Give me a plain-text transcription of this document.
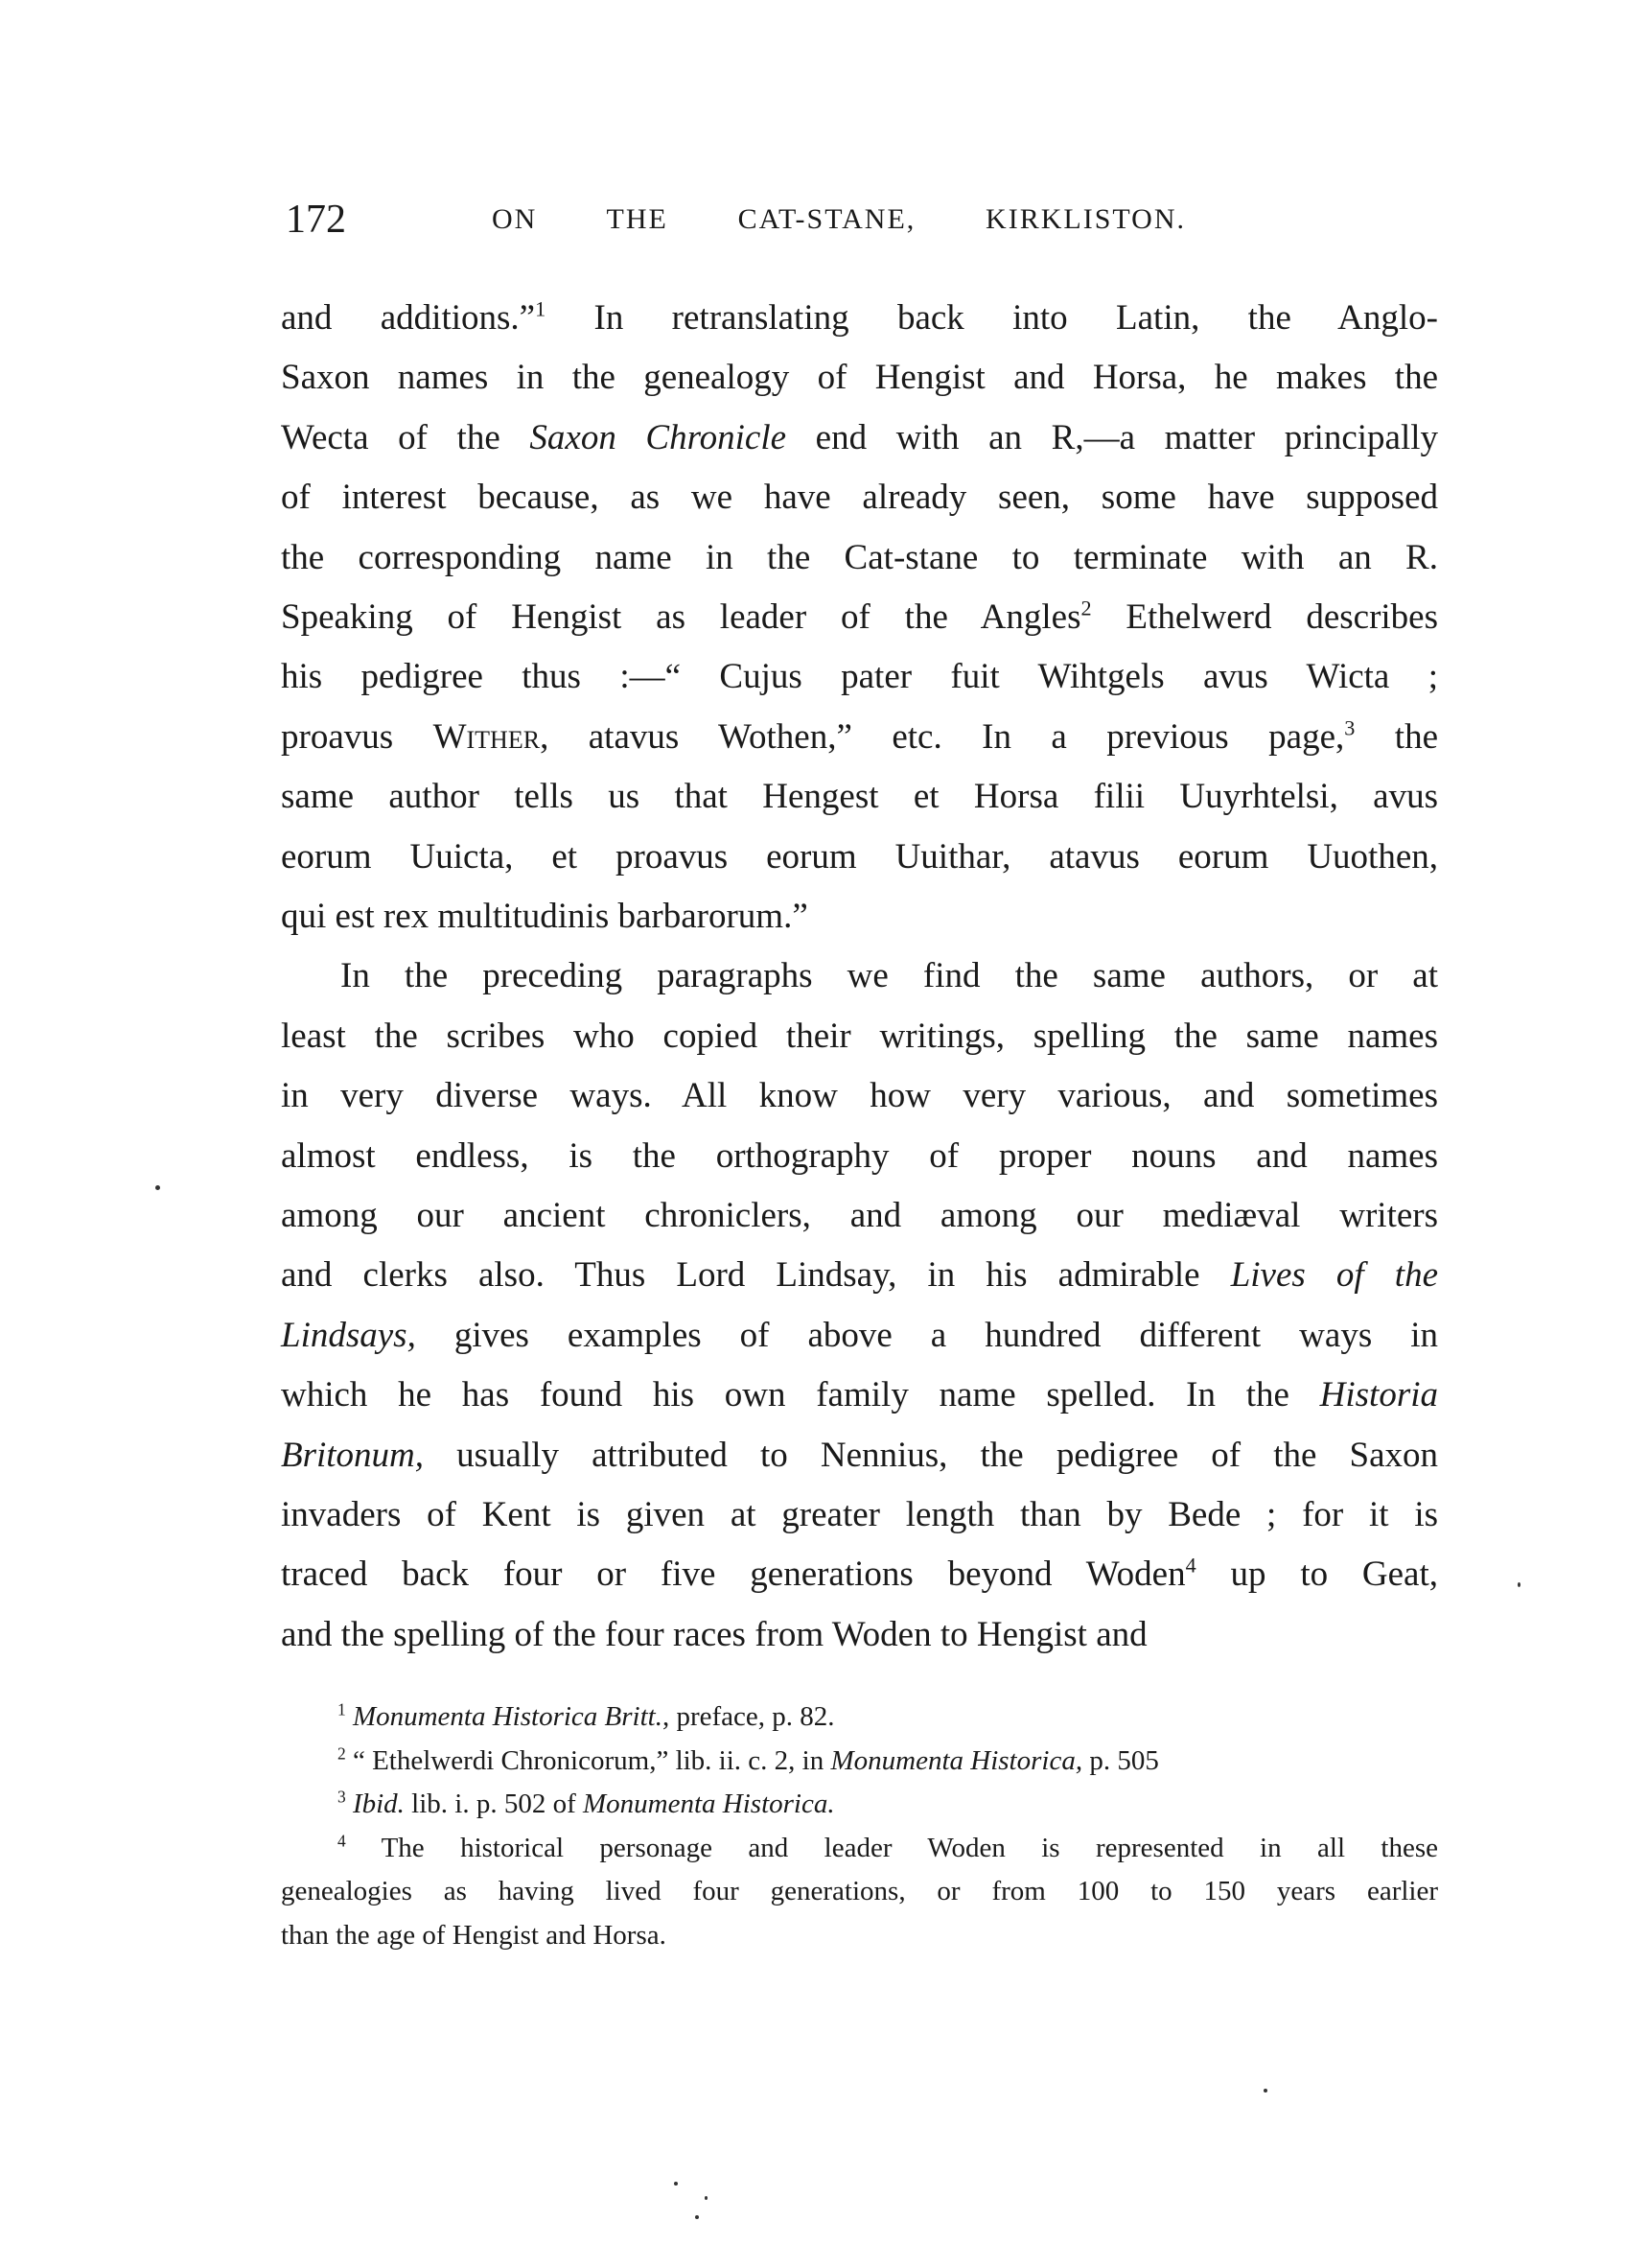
172	ON THE CAT-STANE, KIRKLISTON.
and additions.”$^1$ In retranslating back into Latin, the Anglo-
Saxon names in the genealogy of Hengist and Horsa, he makes the
Wecta of the Saxon Chronicle end with an R,—a matter principally
of interest because, as we have already seen, some have supposed
the corresponding name in the Cat-stane to terminate with an R.
Speaking of Hengist as leader of the Angles$^2$ Ethelwerd describes
his pedigree thus :—“ Cujus pater fuit Wihtgels avus Wicta ;
proavus Wither, atavus Wothen,” etc. In a previous page,$^3$ the
same author tells us that Hengest et Horsa filii Uuyrhtelsi, avus
eorum Uuicta, et proavus eorum Uuithar, atavus eorum Uuothen,
qui est rex multitudinis barbarorum.”
In the preceding paragraphs we find the same authors, or at
least the scribes who copied their writings, spelling the same names
in very diverse ways. All know how very various, and sometimes
almost endless, is the orthography of proper nouns and names
among our ancient chroniclers, and among our mediæval writers
and clerks also. Thus Lord Lindsay, in his admirable Lives of the
Lindsays, gives examples of above a hundred different ways in
which he has found his own family name spelled. In the Historia
Britonum, usually attributed to Nennius, the pedigree of the Saxon
invaders of Kent is given at greater length than by Bede ; for it is
traced back four or five generations beyond Woden$^4$ up to Geat,
and the spelling of the four races from Woden to Hengist and
$^1$ Monumenta Historica Britt., preface, p. 82.
$^2$ “ Ethelwerdi Chronicorum,” lib. ii. c. 2, in Monumenta Historica, p. 505
$^3$ Ibid. lib. i. p. 502 of Monumenta Historica.
$^4$ The historical personage and leader Woden is represented in all these
genealogies as having lived four generations, or from 100 to 150 years earlier
than the age of Hengist and Horsa.
